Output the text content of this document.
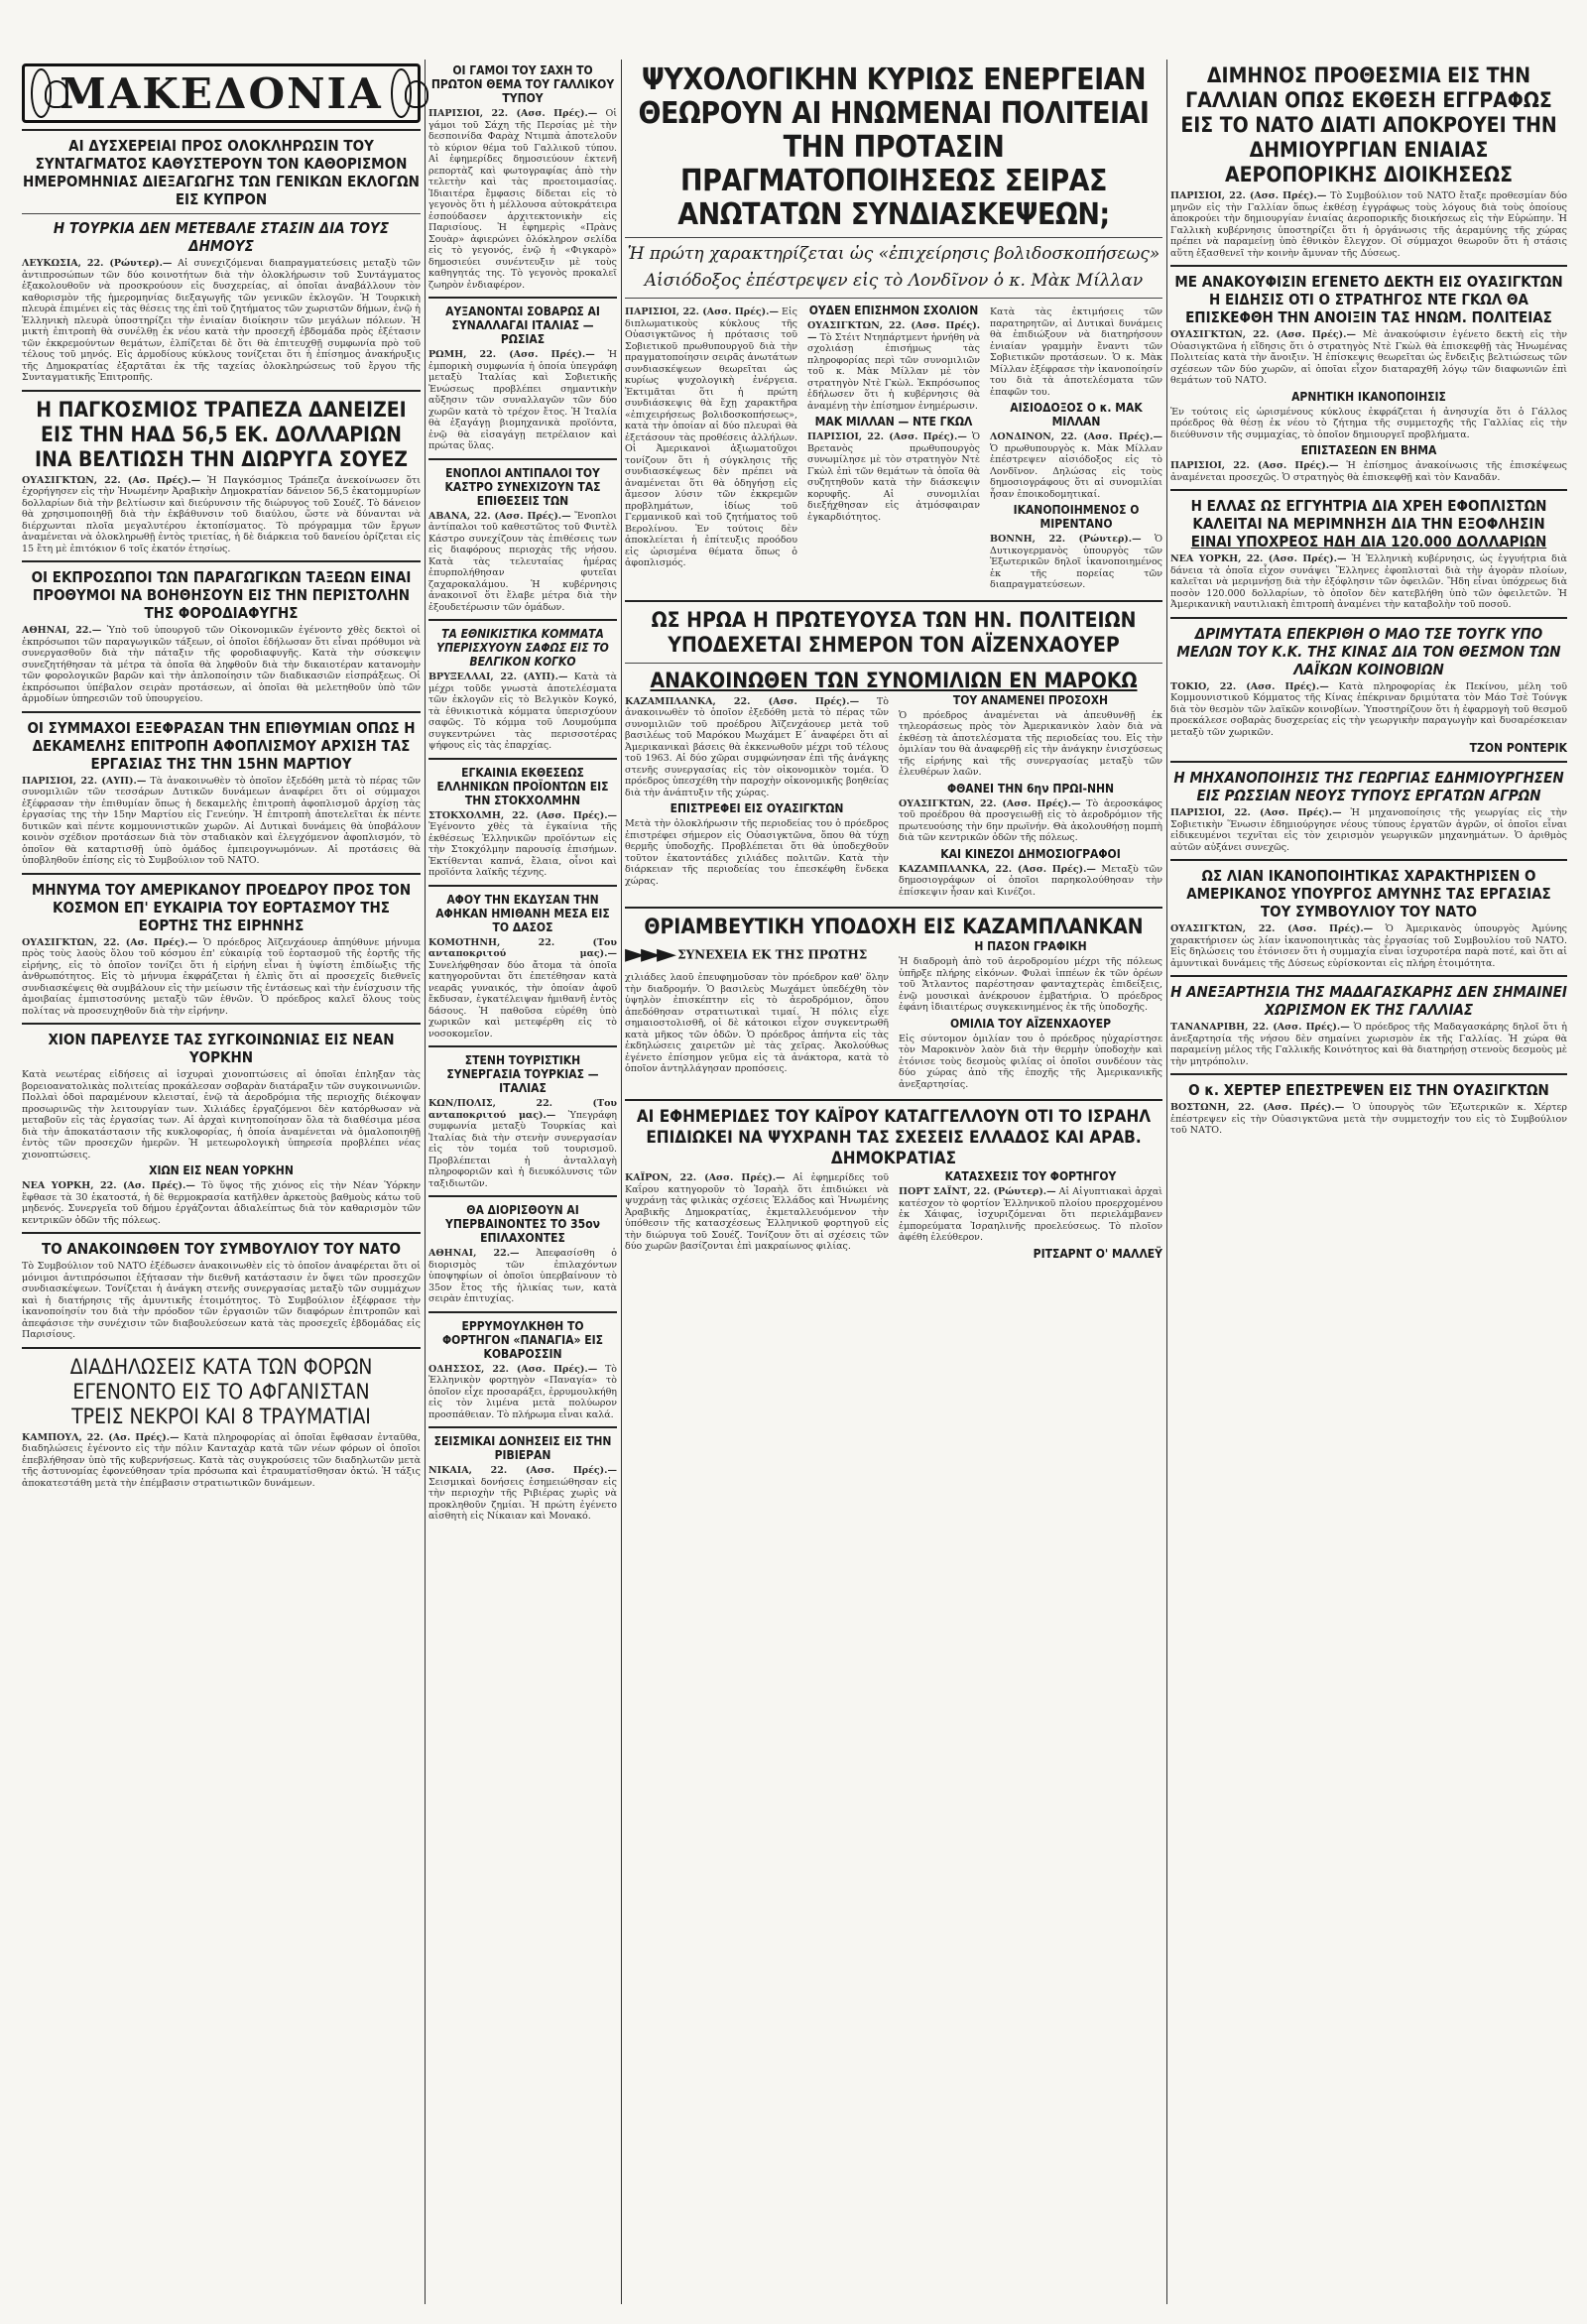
ΜΑΚΕΔΟΝΙΑ
ΑΙ ΔΥΣΧΕΡΕΙΑΙ ΠΡΟΣ ΟΛΟΚΛΗΡΩΣΙΝ ΤΟΥ ΣΥΝΤΑΓΜΑΤΟΣ ΚΑΘΥΣΤΕΡΟΥΝ ΤΟΝ ΚΑΘΟΡΙΣΜΟΝ ΗΜΕΡΟΜΗΝΙΑΣ ΔΙΕΞΑΓΩΓΗΣ ΤΩΝ ΓΕΝΙΚΩΝ ΕΚΛΟΓΩΝ ΕΙΣ ΚΥΠΡΟΝ
Η ΤΟΥΡΚΙΑ ΔΕΝ ΜΕΤΕΒΑΛΕ ΣΤΑΣΙΝ ΔΙΑ ΤΟΥΣ ΔΗΜΟΥΣ

ΛΕΥΚΩΣΙΑ, 22. (Ρώυτερ).— Αἱ συνεχιζόμεναι διαπραγματεύσεις μεταξὺ τῶν ἀντιπροσώπων τῶν δύο κοινοτήτων διὰ τὴν ὁλοκλήρωσιν τοῦ Συντάγματος ἐξακολουθοῦν νὰ προσκρούουν εἰς δυσχερείας, αἱ ὁποῖαι ἀναβάλλουν τὸν καθορισμὸν τῆς ἡμερομηνίας διεξαγωγῆς τῶν γενικῶν ἐκλογῶν. Ἡ Τουρκικὴ πλευρὰ ἐπιμένει εἰς τὰς θέσεις της ἐπὶ τοῦ ζητήματος τῶν χωριστῶν δήμων, ἐνῷ ἡ Ἑλληνικὴ πλευρὰ ὑποστηρίζει τὴν ἑνιαίαν διοίκησιν τῶν μεγάλων πόλεων. Ἡ μικτὴ ἐπιτροπὴ θὰ συνέλθῃ ἐκ νέου κατὰ τὴν προσεχῆ ἑβδομάδα πρὸς ἐξέτασιν τῶν ἐκκρεμούντων θεμάτων, ἐλπίζεται δὲ ὅτι θὰ ἐπιτευχθῇ συμφωνία πρὸ τοῦ τέλους τοῦ μηνός. Εἰς ἀρμοδίους κύκλους τονίζεται ὅτι ἡ ἐπίσημος ἀνακήρυξις τῆς Δημοκρατίας ἐξαρτᾶται ἐκ τῆς ταχείας ὁλοκληρώσεως τοῦ ἔργου τῆς Συνταγματικῆς Ἐπιτροπῆς.

Η ΠΑΓΚΟΣΜΙΟΣ ΤΡΑΠΕΖΑ ΔΑΝΕΙΖΕΙ ΕΙΣ ΤΗΝ ΗΑΔ 56,5 ΕΚ. ΔΟΛΛΑΡΙΩΝ ΙΝΑ ΒΕΛΤΙΩΣΗ ΤΗΝ ΔΙΩΡΥΓΑ ΣΟΥΕΖ

ΟΥΑΣΙΓΚΤΩΝ, 22. (Ασ. Πρές).— Ἡ Παγκόσμιος Τράπεζα ἀνεκοίνωσεν ὅτι ἐχορήγησεν εἰς τὴν Ἡνωμένην Ἀραβικὴν Δημοκρατίαν δάνειον 56,5 ἑκατομμυρίων δολλαρίων διὰ τὴν βελτίωσιν καὶ διεύρυνσιν τῆς διώρυγος τοῦ Σουέζ. Τὸ δάνειον θὰ χρησιμοποιηθῇ διὰ τὴν ἐκβάθυνσιν τοῦ διαύλου, ὥστε νὰ δύνανται νὰ διέρχωνται πλοῖα μεγαλυτέρου ἐκτοπίσματος. Τὸ πρόγραμμα τῶν ἔργων ἀναμένεται νὰ ὁλοκληρωθῇ ἐντὸς τριετίας, ἡ δὲ διάρκεια τοῦ δανείου ὁρίζεται εἰς 15 ἔτη μὲ ἐπιτόκιον 6 τοῖς ἑκατόν ἐτησίως.

ΟΙ ΕΚΠΡΟΣΩΠΟΙ ΤΩΝ ΠΑΡΑΓΩΓΙΚΩΝ ΤΑΞΕΩΝ ΕΙΝΑΙ ΠΡΟΘΥΜΟΙ ΝΑ ΒΟΗΘΗΣΟΥΝ ΕΙΣ ΤΗΝ ΠΕΡΙΣΤΟΛΗΝ ΤΗΣ ΦΟΡΟΔΙΑΦΥΓΗΣ

ΑΘΗΝΑΙ, 22.— Ὑπὸ τοῦ ὑπουργοῦ τῶν Οἰκονομικῶν ἐγένοντο χθὲς δεκτοὶ οἱ ἐκπρόσωποι τῶν παραγωγικῶν τάξεων, οἱ ὁποῖοι ἐδήλωσαν ὅτι εἶναι πρόθυμοι νὰ συνεργασθοῦν διὰ τὴν πάταξιν τῆς φοροδιαφυγῆς. Κατὰ τὴν σύσκεψιν συνεζητήθησαν τὰ μέτρα τὰ ὁποῖα θὰ ληφθοῦν διὰ τὴν δικαιοτέραν κατανομὴν τῶν φορολογικῶν βαρῶν καὶ τὴν ἀπλοποίησιν τῶν διαδικασιῶν εἰσπράξεως. Οἱ ἐκπρόσωποι ὑπέβαλον σειρὰν προτάσεων, αἱ ὁποῖαι θὰ μελετηθοῦν ὑπὸ τῶν ἁρμοδίων ὑπηρεσιῶν τοῦ ὑπουργείου.

ΟΙ ΣΥΜΜΑΧΟΙ ΕΞΕΦΡΑΣΑΝ ΤΗΝ ΕΠΙΘΥΜΙΑΝ ΟΠΩΣ Η ΔΕΚΑΜΕΛΗΣ ΕΠΙΤΡΟΠΗ ΑΦΟΠΛΙΣΜΟΥ ΑΡΧΙΣΗ ΤΑΣ ΕΡΓΑΣΙΑΣ ΤΗΣ ΤΗΝ 15ΗΝ ΜΑΡΤΙΟΥ

ΠΑΡΙΣΙΟΙ, 22. (ΑΥΠ).— Τὰ ἀνακοινωθὲν τὸ ὁποῖον ἐξεδόθη μετὰ τὸ πέρας τῶν συνομιλιῶν τῶν τεσσάρων Δυτικῶν δυνάμεων ἀναφέρει ὅτι οἱ σύμμαχοι ἐξέφρασαν τὴν ἐπιθυμίαν ὅπως ἡ δεκαμελὴς ἐπιτροπὴ ἀφοπλισμοῦ ἀρχίσῃ τὰς ἐργασίας της τὴν 15ην Μαρτίου εἰς Γενεύην. Ἡ ἐπιτροπὴ ἀποτελεῖται ἐκ πέντε δυτικῶν καὶ πέντε κομμουνιστικῶν χωρῶν. Αἱ Δυτικαὶ δυνάμεις θὰ ὑποβάλουν κοινὸν σχέδιον προτάσεων διὰ τὸν σταδιακὸν καὶ ἐλεγχόμενον ἀφοπλισμόν, τὸ ὁποῖον θὰ καταρτισθῇ ὑπὸ ὁμάδος ἐμπειρογνωμόνων. Αἱ προτάσεις θὰ ὑποβληθοῦν ἐπίσης εἰς τὸ Συμβούλιον τοῦ ΝΑΤΟ.

ΜΗΝΥΜΑ ΤΟΥ ΑΜΕΡΙΚΑΝΟΥ ΠΡΟΕΔΡΟΥ ΠΡΟΣ ΤΟΝ ΚΟΣΜΟΝ ΕΠ' ΕΥΚΑΙΡΙΑ ΤΟΥ ΕΟΡΤΑΣΜΟΥ ΤΗΣ ΕΟΡΤΗΣ ΤΗΣ ΕΙΡΗΝΗΣ

ΟΥΑΣΙΓΚΤΩΝ, 22. (Ασ. Πρές).— Ὁ πρόεδρος Ἀϊζενχάουερ ἀπηύθυνε μήνυμα πρὸς τοὺς λαοὺς ὅλου τοῦ κόσμου ἐπ' εὐκαιρίᾳ τοῦ ἑορτασμοῦ τῆς ἑορτῆς τῆς εἰρήνης, εἰς τὸ ὁποῖον τονίζει ὅτι ἡ εἰρήνη εἶναι ἡ ὑψίστη ἐπιδίωξις τῆς ἀνθρωπότητος. Εἰς τὸ μήνυμα ἐκφράζεται ἡ ἐλπὶς ὅτι αἱ προσεχεῖς διεθνεῖς συνδιασκέψεις θὰ συμβάλουν εἰς τὴν μείωσιν τῆς ἐντάσεως καὶ τὴν ἐνίσχυσιν τῆς ἀμοιβαίας ἐμπιστοσύνης μεταξὺ τῶν ἐθνῶν. Ὁ πρόεδρος καλεῖ ὅλους τοὺς πολίτας νὰ προσευχηθοῦν διὰ τὴν εἰρήνην.

ΧΙΟΝ ΠΑΡΕΛΥΣΕ ΤΑΣ ΣΥΓΚΟΙΝΩΝΙΑΣ ΕΙΣ ΝΕΑΝ ΥΟΡΚΗΝ

Κατὰ νεωτέρας εἰδήσεις αἱ ἰσχυραὶ χιονοπτώσεις αἱ ὁποῖαι ἐπληξαν τὰς βορειοανατολικὰς πολιτείας προκάλεσαν σοβαρὰν διατάραξιν τῶν συγκοινωνιῶν. Πολλαὶ ὁδοὶ παραμένουν κλεισταί, ἐνῷ τὰ ἀεροδρόμια τῆς περιοχῆς διέκοψαν προσωρινῶς τὴν λειτουργίαν των. Χιλιάδες ἐργαζόμενοι δὲν κατόρθωσαν νὰ μεταβοῦν εἰς τὰς ἐργασίας των. Αἱ ἀρχαὶ κινητοποίησαν ὅλα τὰ διαθέσιμα μέσα διὰ τὴν ἀποκατάστασιν τῆς κυκλοφορίας, ἡ ὁποία ἀναμένεται νὰ ὁμαλοποιηθῇ ἐντὸς τῶν προσεχῶν ἡμερῶν. Ἡ μετεωρολογικὴ ὑπηρεσία προβλέπει νέας χιονοπτώσεις.

ΧΙΩΝ ΕΙΣ ΝΕΑΝ ΥΟΡΚΗΝ

ΝΕΑ ΥΟΡΚΗ, 22. (Ασ. Πρές).— Τὸ ὕψος τῆς χιόνος εἰς τὴν Νέαν Ὑόρκην ἔφθασε τὰ 30 ἑκατοστά, ἡ δὲ θερμοκρασία κατῆλθεν ἀρκετοὺς βαθμοὺς κάτω τοῦ μηδενός. Συνεργεῖα τοῦ δήμου ἐργάζονται ἀδιαλείπτως διὰ τὸν καθαρισμὸν τῶν κεντρικῶν ὁδῶν τῆς πόλεως.

ΤΟ ΑΝΑΚΟΙΝΩΘΕΝ ΤΟΥ ΣΥΜΒΟΥΛΙΟΥ ΤΟΥ ΝΑΤΟ

Τὸ Συμβούλιον τοῦ ΝΑΤΟ ἐξέδωσεν ἀνακοινωθὲν εἰς τὸ ὁποῖον ἀναφέρεται ὅτι οἱ μόνιμοι ἀντιπρόσωποι ἐξήτασαν τὴν διεθνῆ κατάστασιν ἐν ὄψει τῶν προσεχῶν συνδιασκέψεων. Τονίζεται ἡ ἀνάγκη στενῆς συνεργασίας μεταξὺ τῶν συμμάχων καὶ ἡ διατήρησις τῆς ἀμυντικῆς ἑτοιμότητος. Τὸ Συμβούλιον ἐξέφρασε τὴν ἱκανοποίησίν του διὰ τὴν πρόοδον τῶν ἐργασιῶν τῶν διαφόρων ἐπιτροπῶν καὶ ἀπεφάσισε τὴν συνέχισιν τῶν διαβουλεύσεων κατὰ τὰς προσεχεῖς ἑβδομάδας εἰς Παρισίους.

ΔΙΑΔΗΛΩΣΕΙΣ ΚΑΤΑ ΤΩΝ ΦΟΡΩΝ ΕΓΕΝΟΝΤΟ ΕΙΣ ΤΟ ΑΦΓΑΝΙΣΤΑΝ
ΤΡΕΙΣ ΝΕΚΡΟΙ ΚΑΙ 8 ΤΡΑΥΜΑΤΙΑΙ

ΚΑΜΠΟΥΛ, 22. (Ασ. Πρές).— Κατὰ πληροφορίας αἱ ὁποῖαι ἔφθασαν ἐνταῦθα, διαδηλώσεις ἐγένοντο εἰς τὴν πόλιν Κανταχὰρ κατὰ τῶν νέων φόρων οἱ ὁποῖοι ἐπεβλήθησαν ὑπὸ τῆς κυβερνήσεως. Κατὰ τὰς συγκρούσεις τῶν διαδηλωτῶν μετὰ τῆς ἀστυνομίας ἐφονεύθησαν τρία πρόσωπα καὶ ἐτραυματίσθησαν ὀκτώ. Ἡ τάξις ἀποκατεστάθη μετὰ τὴν ἐπέμβασιν στρατιωτικῶν δυνάμεων.

ΟΙ ΓΑΜΟΙ ΤΟΥ ΣΑΧΗ ΤΟ ΠΡΩΤΟΝ ΘΕΜΑ ΤΟΥ ΓΑΛΛΙΚΟΥ ΤΥΠΟΥ

ΠΑΡΙΣΙΟΙ, 22. (Ασσ. Πρές).— Οἱ γάμοι τοῦ Σάχη τῆς Περσίας μὲ τὴν δεσποινίδα Φαρὰχ Ντιμπὰ ἀποτελοῦν τὸ κύριον θέμα τοῦ Γαλλικοῦ τύπου. Αἱ ἐφημερίδες δημοσιεύουν ἐκτενῆ ρεπορτὰζ καὶ φωτογραφίας ἀπὸ τὴν τελετὴν καὶ τὰς προετοιμασίας. Ἰδιαιτέρα ἔμφασις δίδεται εἰς τὸ γεγονὸς ὅτι ἡ μέλλουσα αὐτοκράτειρα ἐσπούδασεν ἀρχιτεκτονικὴν εἰς Παρισίους. Ἡ ἐφημερὶς «Πρὰνς Σουὰρ» ἀφιερώνει ὁλόκληρον σελίδα εἰς τὸ γεγονός, ἐνῷ ἡ «Φιγκαρὸ» δημοσιεύει συνέντευξιν μὲ τοὺς καθηγητάς της. Τὸ γεγονὸς προκαλεῖ ζωηρὸν ἐνδιαφέρον.

ΑΥΞΑΝΟΝΤΑΙ ΣΟΒΑΡΩΣ ΑΙ ΣΥΝΑΛΛΑΓΑΙ ΙΤΑΛΙΑΣ — ΡΩΣΙΑΣ

ΡΩΜΗ, 22. (Ασσ. Πρές).— Ἡ ἐμπορικὴ συμφωνία ἡ ὁποία ὑπεγράφη μεταξὺ Ἰταλίας καὶ Σοβιετικῆς Ἑνώσεως προβλέπει σημαντικὴν αὔξησιν τῶν συναλλαγῶν τῶν δύο χωρῶν κατὰ τὸ τρέχον ἔτος. Ἡ Ἰταλία θὰ ἐξαγάγῃ βιομηχανικὰ προϊόντα, ἐνῷ θὰ εἰσαγάγῃ πετρέλαιον καὶ πρώτας ὕλας.

ΕΝΟΠΛΟΙ ΑΝΤΙΠΑΛΟΙ ΤΟΥ ΚΑΣΤΡΟ ΣΥΝΕΧΙΖΟΥΝ ΤΑΣ ΕΠΙΘΕΣΕΙΣ ΤΩΝ

ΑΒΑΝΑ, 22. (Ασσ. Πρές).— Ἔνοπλοι ἀντίπαλοι τοῦ καθεστῶτος τοῦ Φιντὲλ Κάστρο συνεχίζουν τὰς ἐπιθέσεις των εἰς διαφόρους περιοχὰς τῆς νήσου. Κατὰ τὰς τελευταίας ἡμέρας ἐπυρπολήθησαν φυτεῖαι ζαχαροκαλάμου. Ἡ κυβέρνησις ἀνακοινοῖ ὅτι ἔλαβε μέτρα διὰ τὴν ἐξουδετέρωσιν τῶν ὁμάδων.

ΤΑ ΕΘΝΙΚΙΣΤΙΚΑ ΚΟΜΜΑΤΑ ΥΠΕΡΙΣΧΥΟΥΝ ΣΑΦΩΣ ΕΙΣ ΤΟ ΒΕΛΓΙΚΟΝ ΚΟΓΚΟ

ΒΡΥΞΕΛΛΑΙ, 22. (ΑΥΠ).— Κατὰ τὰ μέχρι τοῦδε γνωστὰ ἀποτελέσματα τῶν ἐκλογῶν εἰς τὸ Βελγικὸν Κογκό, τὰ ἐθνικιστικὰ κόμματα ὑπερισχύουν σαφῶς. Τὸ κόμμα τοῦ Λουμούμπα συγκεντρώνει τὰς περισσοτέρας ψήφους εἰς τὰς ἐπαρχίας.

ΕΓΚΑΙΝΙΑ ΕΚΘΕΣΕΩΣ ΕΛΛΗΝΙΚΩΝ ΠΡΟΪΟΝΤΩΝ ΕΙΣ ΤΗΝ ΣΤΟΚΧΟΛΜΗΝ

ΣΤΟΚΧΟΛΜΗ, 22. (Ασσ. Πρές).— Ἐγένοντο χθὲς τὰ ἐγκαίνια τῆς ἐκθέσεως Ἑλληνικῶν προϊόντων εἰς τὴν Στοκχόλμην παρουσίᾳ ἐπισήμων. Ἐκτίθενται καπνά, ἔλαια, οἶνοι καὶ προϊόντα λαϊκῆς τέχνης.

ΑΦΟΥ ΤΗΝ ΕΚΔΥΣΑΝ ΤΗΝ ΑΦΗΚΑΝ ΗΜΙΘΑΝΗ ΜΕΣΑ ΕΙΣ ΤΟ ΔΑΣΟΣ

ΚΟΜΟΤΗΝΗ, 22. (Του ανταποκριτού μας).— Συνελήφθησαν δύο ἄτομα τὰ ὁποῖα κατηγοροῦνται ὅτι ἐπετέθησαν κατὰ νεαρᾶς γυναικός, τὴν ὁποίαν ἀφοῦ ἔκδυσαν, ἐγκατέλειψαν ἡμιθανῆ ἐντὸς δάσους. Ἡ παθοῦσα εὑρέθη ὑπὸ χωρικῶν καὶ μετεφέρθη εἰς τὸ νοσοκομεῖον.

ΣΤΕΝΗ ΤΟΥΡΙΣΤΙΚΗ ΣΥΝΕΡΓΑΣΙΑ ΤΟΥΡΚΙΑΣ — ΙΤΑΛΙΑΣ

ΚΩΝ/ΠΟΛΙΣ, 22. (Του ανταποκριτού μας).— Ὑπεγράφη συμφωνία μεταξὺ Τουρκίας καὶ Ἰταλίας διὰ τὴν στενὴν συνεργασίαν εἰς τὸν τομέα τοῦ τουρισμοῦ. Προβλέπεται ἡ ἀνταλλαγὴ πληροφοριῶν καὶ ἡ διευκόλυνσις τῶν ταξιδιωτῶν.

ΘΑ ΔΙΟΡΙΣΘΟΥΝ ΑΙ ΥΠΕΡΒΑΙΝΟΝΤΕΣ ΤΟ 35ον ΕΠΙΛΑΧΟΝΤΕΣ

ΑΘΗΝΑΙ, 22.— Ἀπεφασίσθη ὁ διορισμὸς τῶν ἐπιλαχόντων ὑποψηφίων οἱ ὁποῖοι ὑπερβαίνουν τὸ 35ον ἔτος τῆς ἡλικίας των, κατὰ σειρὰν ἐπιτυχίας.

ΕΡΡΥΜΟΥΛΚΗΘΗ ΤΟ ΦΟΡΤΗΓΟΝ «ΠΑΝΑΓΙΑ» ΕΙΣ ΚΟΒΑΡΟΣΣΙΝ

ΟΔΗΣΣΟΣ, 22. (Ασσ. Πρές).— Τὸ Ἑλληνικὸν φορτηγὸν «Παναγία» τὸ ὁποῖον εἶχε προσαράξει, ἐρρυμουλκήθη εἰς τὸν λιμένα μετὰ πολύωρον προσπάθειαν. Τὸ πλήρωμα εἶναι καλά.

ΣΕΙΣΜΙΚΑΙ ΔΟΝΗΣΕΙΣ ΕΙΣ ΤΗΝ ΡΙΒΙΕΡΑΝ

ΝΙΚΑΙΑ, 22. (Ασσ. Πρές).— Σεισμικαὶ δονήσεις ἐσημειώθησαν εἰς τὴν περιοχὴν τῆς Ριβιέρας χωρὶς νὰ προκληθοῦν ζημίαι. Ἡ πρώτη ἐγένετο αἰσθητὴ εἰς Νίκαιαν καὶ Μονακό.

ΨΥΧΟΛΟΓΙΚΗΝ ΚΥΡΙΩΣ ΕΝΕΡΓΕΙΑΝ ΘΕΩΡΟΥΝ ΑΙ ΗΝΩΜΕΝΑΙ ΠΟΛΙΤΕΙΑΙ ΤΗΝ ΠΡΟΤΑΣΙΝ ΠΡΑΓΜΑΤΟΠΟΙΗΣΕΩΣ ΣΕΙΡΑΣ ΑΝΩΤΑΤΩΝ ΣΥΝΔΙΑΣΚΕΨΕΩΝ;
Ἡ πρώτη χαρακτηρίζεται ὡς «ἐπιχείρησις βολιδοσκοπήσεως»
Αἱσιόδοξος ἐπέστρεψεν εἰς τὸ Λονδῖνον ὁ κ. Μὰκ Μίλλαν

ΠΑΡΙΣΙΟΙ, 22. (Ασσ. Πρές).— Εἰς διπλωματικοὺς κύκλους τῆς Οὐασιγκτῶνος ἡ πρότασις τοῦ Σοβιετικοῦ πρωθυπουργοῦ διὰ τὴν πραγματοποίησιν σειρᾶς ἀνωτάτων συνδιασκέψεων θεωρεῖται ὡς κυρίως ψυχολογικὴ ἐνέργεια. Ἐκτιμᾶται ὅτι ἡ πρώτη συνδιάσκεψις θὰ ἔχῃ χαρακτῆρα «ἐπιχειρήσεως βολιδοσκοπήσεως», κατὰ τὴν ὁποίαν αἱ δύο πλευραὶ θὰ ἐξετάσουν τὰς προθέσεις ἀλλήλων. Οἱ Ἀμερικανοὶ ἀξιωματοῦχοι τονίζουν ὅτι ἡ σύγκλησις τῆς συνδιασκέψεως δὲν πρέπει νὰ ἀναμένεται ὅτι θὰ ὁδηγήσῃ εἰς ἄμεσον λύσιν τῶν ἐκκρεμῶν προβλημάτων, ἰδίως τοῦ Γερμανικοῦ καὶ τοῦ ζητήματος τοῦ Βερολίνου. Ἐν τούτοις δὲν ἀποκλείεται ἡ ἐπίτευξις προόδου εἰς ὡρισμένα θέματα ὅπως ὁ ἀφοπλισμός.

ΟΥΔΕΝ ΕΠΙΣΗΜΟΝ ΣΧΟΛΙΟΝ

ΟΥΑΣΙΓΚΤΩΝ, 22. (Ασσ. Πρές).— Τὸ Στέιτ Ντηπάρτμεντ ἠρνήθη νὰ σχολιάσῃ ἐπισήμως τὰς πληροφορίας περὶ τῶν συνομιλιῶν τοῦ κ. Μὰκ Μίλλαν μὲ τὸν στρατηγὸν Ντὲ Γκὼλ. Ἐκπρόσωπος ἐδήλωσεν ὅτι ἡ κυβέρνησις θὰ ἀναμένῃ τὴν ἐπίσημον ἐνημέρωσιν.

ΜΑΚ ΜΙΛΛΑΝ — ΝΤΕ ΓΚΩΛ

ΠΑΡΙΣΙΟΙ, 22. (Ασσ. Πρές).— Ὁ Βρετανὸς πρωθυπουργὸς συνωμίλησε μὲ τὸν στρατηγὸν Ντὲ Γκὼλ ἐπὶ τῶν θεμάτων τὰ ὁποῖα θὰ συζητηθοῦν κατὰ τὴν διάσκεψιν κορυφῆς. Αἱ συνομιλίαι διεξήχθησαν εἰς ἀτμόσφαιραν ἐγκαρδιότητος.

Κατὰ τὰς ἐκτιμήσεις τῶν παρατηρητῶν, αἱ Δυτικαὶ δυνάμεις θὰ ἐπιδιώξουν νὰ διατηρήσουν ἑνιαίαν γραμμὴν ἔναντι τῶν Σοβιετικῶν προτάσεων. Ὁ κ. Μὰκ Μίλλαν ἐξέφρασε τὴν ἱκανοποίησίν του διὰ τὰ ἀποτελέσματα τῶν ἐπαφῶν του.

ΑΙΣΙΟΔΟΞΟΣ Ο κ. ΜΑΚ ΜΙΛΛΑΝ

ΛΟΝΔΙΝΟΝ, 22. (Ασσ. Πρές).— Ὁ πρωθυπουργὸς κ. Μὰκ Μίλλαν ἐπέστρεψεν αἰσιόδοξος εἰς τὸ Λονδῖνον. Δηλώσας εἰς τοὺς δημοσιογράφους ὅτι αἱ συνομιλίαι ἦσαν ἐποικοδομητικαί.

ΙΚΑΝΟΠΟΙΗΜΕΝΟΣ Ο ΜΙΡΕΝΤΑΝΟ

ΒΟΝΝΗ, 22. (Ρώυτερ).— Ὁ Δυτικογερμανὸς ὑπουργὸς τῶν Ἐξωτερικῶν δηλοῖ ἱκανοποιημένος ἐκ τῆς πορείας τῶν διαπραγματεύσεων.

ΩΣ ΗΡΩΑ Η ΠΡΩΤΕΥΟΥΣΑ ΤΩΝ ΗΝ. ΠΟΛΙΤΕΙΩΝ ΥΠΟΔΕΧΕΤΑΙ ΣΗΜΕΡΟΝ ΤΟΝ ΑΪΖΕΝΧΑΟΥΕΡ
ΑΝΑΚΟΙΝΩΘΕΝ ΤΩΝ ΣΥΝΟΜΙΛΙΩΝ ΕΝ ΜΑΡΟΚΩ

ΚΑΖΑΜΠΛΑΝΚΑ, 22. (Ασσ. Πρές).— Τὸ ἀνακοινωθὲν τὸ ὁποῖον ἐξεδόθη μετὰ τὸ πέρας τῶν συνομιλιῶν τοῦ προέδρου Ἀϊζενχάουερ μετὰ τοῦ βασιλέως τοῦ Μαρόκου Μωχάμετ Ε΄ ἀναφέρει ὅτι αἱ Ἀμερικανικαὶ βάσεις θὰ ἐκκενωθοῦν μέχρι τοῦ τέλους τοῦ 1963. Αἱ δύο χῶραι συμφώνησαν ἐπὶ τῆς ἀνάγκης στενῆς συνεργασίας εἰς τὸν οἰκονομικὸν τομέα. Ὁ πρόεδρος ὑπεσχέθη τὴν παροχὴν οἰκονομικῆς βοηθείας διὰ τὴν ἀνάπτυξιν τῆς χώρας.

ΕΠΙΣΤΡΕΦΕΙ ΕΙΣ ΟΥΑΣΙΓΚΤΩΝ

Μετὰ τὴν ὁλοκλήρωσιν τῆς περιοδείας του ὁ πρόεδρος ἐπιστρέφει σήμερον εἰς Οὐασιγκτῶνα, ὅπου θὰ τύχῃ θερμῆς ὑποδοχῆς. Προβλέπεται ὅτι θὰ ὑποδεχθοῦν τοῦτον ἑκατοντάδες χιλιάδες πολιτῶν. Κατὰ τὴν διάρκειαν τῆς περιοδείας του ἐπεσκέφθη ἕνδεκα χώρας.

ΤΟΥ ΑΝΑΜΕΝΕΙ ΠΡΟΣΟΧΗ

Ὁ πρόεδρος ἀναμένεται νὰ ἀπευθυνθῇ ἐκ τηλεοράσεως πρὸς τὸν Ἀμερικανικὸν λαὸν διὰ νὰ ἐκθέσῃ τὰ ἀποτελέσματα τῆς περιοδείας του. Εἰς τὴν ὁμιλίαν του θὰ ἀναφερθῇ εἰς τὴν ἀνάγκην ἐνισχύσεως τῆς εἰρήνης καὶ τῆς συνεργασίας μεταξὺ τῶν ἐλευθέρων λαῶν.

ΦΘΑΝΕΙ ΤΗΝ 6ην ΠΡΩΙ-ΝΗΝ

ΟΥΑΣΙΓΚΤΩΝ, 22. (Ασσ. Πρές).— Τὸ ἀεροσκάφος τοῦ προέδρου θὰ προσγειωθῇ εἰς τὸ ἀεροδρόμιον τῆς πρωτευούσης τὴν 6ην πρωϊνήν. Θὰ ἀκολουθήσῃ πομπὴ διὰ τῶν κεντρικῶν ὁδῶν τῆς πόλεως.

ΚΑΙ ΚΙΝΕΖΟΙ ΔΗΜΟΣΙΟΓΡΑΦΟΙ

ΚΑΖΑΜΠΛΑΝΚΑ, 22. (Ασσ. Πρές).— Μεταξὺ τῶν δημοσιογράφων οἱ ὁποῖοι παρηκολούθησαν τὴν ἐπίσκεψιν ἦσαν καὶ Κινέζοι.

ΘΡΙΑΜΒΕΥΤΙΚΗ ΥΠΟΔΟΧΗ ΕΙΣ ΚΑΖΑΜΠΛΑΝΚΑΝ
►►► ΣΥΝΕΧΕΙΑ ΕΚ ΤΗΣ ΠΡΩΤΗΣ

χιλιάδες λαοῦ ἐπευφημοῦσαν τὸν πρόεδρον καθ' ὅλην τὴν διαδρομήν. Ὁ βασιλεὺς Μωχάμετ ὑπεδέχθη τὸν ὑψηλὸν ἐπισκέπτην εἰς τὸ ἀεροδρόμιον, ὅπου ἀπεδόθησαν στρατιωτικαὶ τιμαί. Ἡ πόλις εἶχε σημαιοστολισθῆ, οἱ δὲ κάτοικοι εἶχον συγκεντρωθῆ κατὰ μῆκος τῶν ὁδῶν. Ὁ πρόεδρος ἀπήντα εἰς τὰς ἐκδηλώσεις χαιρετῶν μὲ τὰς χεῖρας. Ἀκολούθως ἐγένετο ἐπίσημον γεῦμα εἰς τὰ ἀνάκτορα, κατὰ τὸ ὁποῖον ἀντηλλάγησαν προπόσεις.

Η ΠΑΣΟΝ ΓΡΑΦΙΚΗ

Ἡ διαδρομὴ ἀπὸ τοῦ ἀεροδρομίου μέχρι τῆς πόλεως ὑπῆρξε πλήρης εἰκόνων. Φυλαὶ ἱππέων ἐκ τῶν ὀρέων τοῦ Ἄτλαντος παρέστησαν φανταχτερὰς ἐπιδείξεις, ἐνῷ μουσικαὶ ἀνέκρουον ἐμβατήρια. Ὁ πρόεδρος ἐφάνη ἰδιαιτέρως συγκεκινημένος ἐκ τῆς ὑποδοχῆς.

ΟΜΙΛΙΑ ΤΟΥ ΑΪΖΕΝΧΑΟΥΕΡ

Εἰς σύντομον ὁμιλίαν του ὁ πρόεδρος ηὐχαρίστησε τὸν Μαροκινὸν λαὸν διὰ τὴν θερμὴν ὑποδοχὴν καὶ ἐτόνισε τοὺς δεσμοὺς φιλίας οἱ ὁποῖοι συνδέουν τὰς δύο χώρας ἀπὸ τῆς ἐποχῆς τῆς Ἀμερικανικῆς ἀνεξαρτησίας.

ΑΙ ΕΦΗΜΕΡΙΔΕΣ ΤΟΥ ΚΑΪΡΟΥ ΚΑΤΑΓΓΕΛΛΟΥΝ ΟΤΙ ΤΟ ΙΣΡΑΗΛ ΕΠΙΔΙΩΚΕΙ ΝΑ ΨΥΧΡΑΝΗ ΤΑΣ ΣΧΕΣΕΙΣ ΕΛΛΑΔΟΣ ΚΑΙ ΑΡΑΒ. ΔΗΜΟΚΡΑΤΙΑΣ

ΚΑΪΡΟΝ, 22. (Ασσ. Πρές).— Αἱ ἐφημερίδες τοῦ Καΐρου κατηγοροῦν τὸ Ἰσραὴλ ὅτι ἐπιδιώκει νὰ ψυχράνῃ τὰς φιλικὰς σχέσεις Ἑλλάδος καὶ Ἡνωμένης Ἀραβικῆς Δημοκρατίας, ἐκμεταλλευόμενον τὴν ὑπόθεσιν τῆς κατασχέσεως Ἑλληνικοῦ φορτηγοῦ εἰς τὴν διώρυγα τοῦ Σουέζ. Τονίζουν ὅτι αἱ σχέσεις τῶν δύο χωρῶν βασίζονται ἐπὶ μακραίωνος φιλίας.

ΚΑΤΑΣΧΕΣΙΣ ΤΟΥ ΦΟΡΤΗΓΟΥ

ΠΟΡΤ ΣΑΪΝΤ, 22. (Ρώυτερ).— Αἱ Αἰγυπτιακαὶ ἀρχαὶ κατέσχον τὸ φορτίον Ἑλληνικοῦ πλοίου προερχομένου ἐκ Χάιφας, ἰσχυριζόμεναι ὅτι περιελάμβανεν ἐμπορεύματα Ἰσραηλινῆς προελεύσεως. Τὸ πλοῖον ἀφέθη ἐλεύθερον.

ΡΙΤΣΑΡΝΤ Ο' ΜΑΛΛΕΫ
ΔΙΜΗΝΟΣ ΠΡΟΘΕΣΜΙΑ ΕΙΣ ΤΗΝ ΓΑΛΛΙΑΝ ΟΠΩΣ ΕΚΘΕΣΗ ΕΓΓΡΑΦΩΣ ΕΙΣ ΤΟ ΝΑΤΟ ΔΙΑΤΙ ΑΠΟΚΡΟΥΕΙ ΤΗΝ ΔΗΜΙΟΥΡΓΙΑΝ ΕΝΙΑΙΑΣ ΑΕΡΟΠΟΡΙΚΗΣ ΔΙΟΙΚΗΣΕΩΣ

ΠΑΡΙΣΙΟΙ, 22. (Ασσ. Πρές).— Τὸ Συμβούλιον τοῦ ΝΑΤΟ ἔταξε προθεσμίαν δύο μηνῶν εἰς τὴν Γαλλίαν ὅπως ἐκθέσῃ ἐγγράφως τοὺς λόγους διὰ τοὺς ὁποίους ἀποκρούει τὴν δημιουργίαν ἑνιαίας ἀεροπορικῆς διοικήσεως εἰς τὴν Εὐρώπην. Ἡ Γαλλικὴ κυβέρνησις ὑποστηρίζει ὅτι ἡ ὀργάνωσις τῆς ἀεραμύνης τῆς χώρας πρέπει νὰ παραμείνῃ ὑπὸ ἐθνικὸν ἔλεγχον. Οἱ σύμμαχοι θεωροῦν ὅτι ἡ στάσις αὕτη ἐξασθενεῖ τὴν κοινὴν ἄμυναν τῆς Δύσεως.

ΜΕ ΑΝΑΚΟΥΦΙΣΙΝ ΕΓΕΝΕΤΟ ΔΕΚΤΗ ΕΙΣ ΟΥΑΣΙΓΚΤΩΝ Η ΕΙΔΗΣΙΣ ΟΤΙ Ο ΣΤΡΑΤΗΓΟΣ ΝΤΕ ΓΚΩΛ ΘΑ ΕΠΙΣΚΕΦΘΗ ΤΗΝ ΑΝΟΙΞΙΝ ΤΑΣ ΗΝΩΜ. ΠΟΛΙΤΕΙΑΣ

ΟΥΑΣΙΓΚΤΩΝ, 22. (Ασσ. Πρές).— Μὲ ἀνακούφισιν ἐγένετο δεκτὴ εἰς τὴν Οὐασιγκτῶνα ἡ εἴδησις ὅτι ὁ στρατηγὸς Ντὲ Γκὼλ θὰ ἐπισκεφθῇ τὰς Ἡνωμένας Πολιτείας κατὰ τὴν ἄνοιξιν. Ἡ ἐπίσκεψις θεωρεῖται ὡς ἔνδειξις βελτιώσεως τῶν σχέσεων τῶν δύο χωρῶν, αἱ ὁποῖαι εἶχον διαταραχθῆ λόγῳ τῶν διαφωνιῶν ἐπὶ θεμάτων τοῦ ΝΑΤΟ.

ΑΡΝΗΤΙΚΗ ΙΚΑΝΟΠΟΙΗΣΙΣ

Ἐν τούτοις εἰς ὡρισμένους κύκλους ἐκφράζεται ἡ ἀνησυχία ὅτι ὁ Γάλλος πρόεδρος θὰ θέσῃ ἐκ νέου τὸ ζήτημα τῆς συμμετοχῆς τῆς Γαλλίας εἰς τὴν διεύθυνσιν τῆς συμμαχίας, τὸ ὁποῖον δημιουργεῖ προβλήματα.

ΕΠΙΣΤΑΣΕΩΝ ΕΝ ΒΗΜΑ

ΠΑΡΙΣΙΟΙ, 22. (Ασσ. Πρές).— Ἡ ἐπίσημος ἀνακοίνωσις τῆς ἐπισκέψεως ἀναμένεται προσεχῶς. Ὁ στρατηγὸς θὰ ἐπισκεφθῇ καὶ τὸν Καναδᾶν.

Η ΕΛΛΑΣ ΩΣ ΕΓΓΥΗΤΡΙΑ ΔΙΑ ΧΡΕΗ ΕΦΟΠΛΙΣΤΩΝ ΚΑΛΕΙΤΑΙ ΝΑ ΜΕΡΙΜΝΗΣΗ ΔΙΑ ΤΗΝ ΕΞΟΦΛΗΣΙΝ
ΕΙΝΑΙ ΥΠΟΧΡΕΟΣ ΗΔΗ ΔΙΑ 120.000 ΔΟΛΛΑΡΙΩΝ

ΝΕΑ ΥΟΡΚΗ, 22. (Ασσ. Πρές).— Ἡ Ἑλληνικὴ κυβέρνησις, ὡς ἐγγυήτρια διὰ δάνεια τὰ ὁποῖα εἶχον συνάψει Ἕλληνες ἐφοπλισταὶ διὰ τὴν ἀγορὰν πλοίων, καλεῖται νὰ μεριμνήσῃ διὰ τὴν ἐξόφλησιν τῶν ὀφειλῶν. Ἤδη εἶναι ὑπόχρεως διὰ ποσὸν 120.000 δολλαρίων, τὸ ὁποῖον δὲν κατεβλήθη ὑπὸ τῶν ὀφειλετῶν. Ἡ Ἀμερικανικὴ ναυτιλιακὴ ἐπιτροπὴ ἀναμένει τὴν καταβολὴν τοῦ ποσοῦ.

ΔΡΙΜΥΤΑΤΑ ΕΠΕΚΡΙΘΗ Ο ΜΑΟ ΤΣΕ ΤΟΥΓΚ ΥΠΟ ΜΕΛΩΝ ΤΟΥ Κ.Κ. ΤΗΣ ΚΙΝΑΣ ΔΙΑ ΤΟΝ ΘΕΣΜΟΝ ΤΩΝ ΛΑΪΚΩΝ ΚΟΙΝΟΒΙΩΝ

ΤΟΚΙΟ, 22. (Ασσ. Πρές).— Κατὰ πληροφορίας ἐκ Πεκίνου, μέλη τοῦ Κομμουνιστικοῦ Κόμματος τῆς Κίνας ἐπέκριναν δριμύτατα τὸν Μάο Τσὲ Τούνγκ διὰ τὸν θεσμὸν τῶν λαϊκῶν κοινοβίων. Ὑποστηρίζουν ὅτι ἡ ἐφαρμογὴ τοῦ θεσμοῦ προεκάλεσε σοβαρὰς δυσχερείας εἰς τὴν γεωργικὴν παραγωγὴν καὶ δυσαρέσκειαν μεταξὺ τῶν χωρικῶν.

ΤΖΟΝ ΡΟΝΤΕΡΙΚ
Η ΜΗΧΑΝΟΠΟΙΗΣΙΣ ΤΗΣ ΓΕΩΡΓΙΑΣ ΕΔΗΜΙΟΥΡΓΗΣΕΝ ΕΙΣ ΡΩΣΣΙΑΝ ΝΕΟΥΣ ΤΥΠΟΥΣ ΕΡΓΑΤΩΝ ΑΓΡΩΝ

ΠΑΡΙΣΙΟΙ, 22. (Ασσ. Πρές).— Ἡ μηχανοποίησις τῆς γεωργίας εἰς τὴν Σοβιετικὴν Ἕνωσιν ἐδημιούργησε νέους τύπους ἐργατῶν ἀγρῶν, οἱ ὁποῖοι εἶναι εἰδικευμένοι τεχνῖται εἰς τὸν χειρισμὸν γεωργικῶν μηχανημάτων. Ὁ ἀριθμὸς αὐτῶν αὐξάνει συνεχῶς.

ΩΣ ΛΙΑΝ ΙΚΑΝΟΠΟΙΗΤΙΚΑΣ ΧΑΡΑΚΤΗΡΙΣΕΝ Ο ΑΜΕΡΙΚΑΝΟΣ ΥΠΟΥΡΓΟΣ ΑΜΥΝΗΣ ΤΑΣ ΕΡΓΑΣΙΑΣ ΤΟΥ ΣΥΜΒΟΥΛΙΟΥ ΤΟΥ ΝΑΤΟ

ΟΥΑΣΙΓΚΤΩΝ, 22. (Ασσ. Πρές).— Ὁ Ἀμερικανὸς ὑπουργὸς Ἀμύνης χαρακτήρισεν ὡς λίαν ἱκανοποιητικὰς τὰς ἐργασίας τοῦ Συμβουλίου τοῦ ΝΑΤΟ. Εἰς δηλώσεις του ἐτόνισεν ὅτι ἡ συμμαχία εἶναι ἰσχυροτέρα παρὰ ποτέ, καὶ ὅτι αἱ ἀμυντικαὶ δυνάμεις τῆς Δύσεως εὑρίσκονται εἰς πλήρη ἑτοιμότητα.

Η ΑΝΕΞΑΡΤΗΣΙΑ ΤΗΣ ΜΑΔΑΓΑΣΚΑΡΗΣ ΔΕΝ ΣΗΜΑΙΝΕΙ ΧΩΡΙΣΜΟΝ ΕΚ ΤΗΣ ΓΑΛΛΙΑΣ

ΤΑΝΑΝΑΡΙΒΗ, 22. (Ασσ. Πρές).— Ὁ πρόεδρος τῆς Μαδαγασκάρης δηλοῖ ὅτι ἡ ἀνεξαρτησία τῆς νήσου δὲν σημαίνει χωρισμὸν ἐκ τῆς Γαλλίας. Ἡ χώρα θὰ παραμείνῃ μέλος τῆς Γαλλικῆς Κοινότητος καὶ θὰ διατηρήσῃ στενοὺς δεσμοὺς μὲ τὴν μητρόπολιν.

Ο κ. ΧΕΡΤΕΡ ΕΠΕΣΤΡΕΨΕΝ ΕΙΣ ΤΗΝ ΟΥΑΣΙΓΚΤΩΝ

ΒΟΣΤΩΝΗ, 22. (Ασσ. Πρές).— Ὁ ὑπουργὸς τῶν Ἐξωτερικῶν κ. Χέρτερ ἐπέστρεψεν εἰς τὴν Οὐασιγκτῶνα μετὰ τὴν συμμετοχήν του εἰς τὸ Συμβούλιον τοῦ ΝΑΤΟ.
